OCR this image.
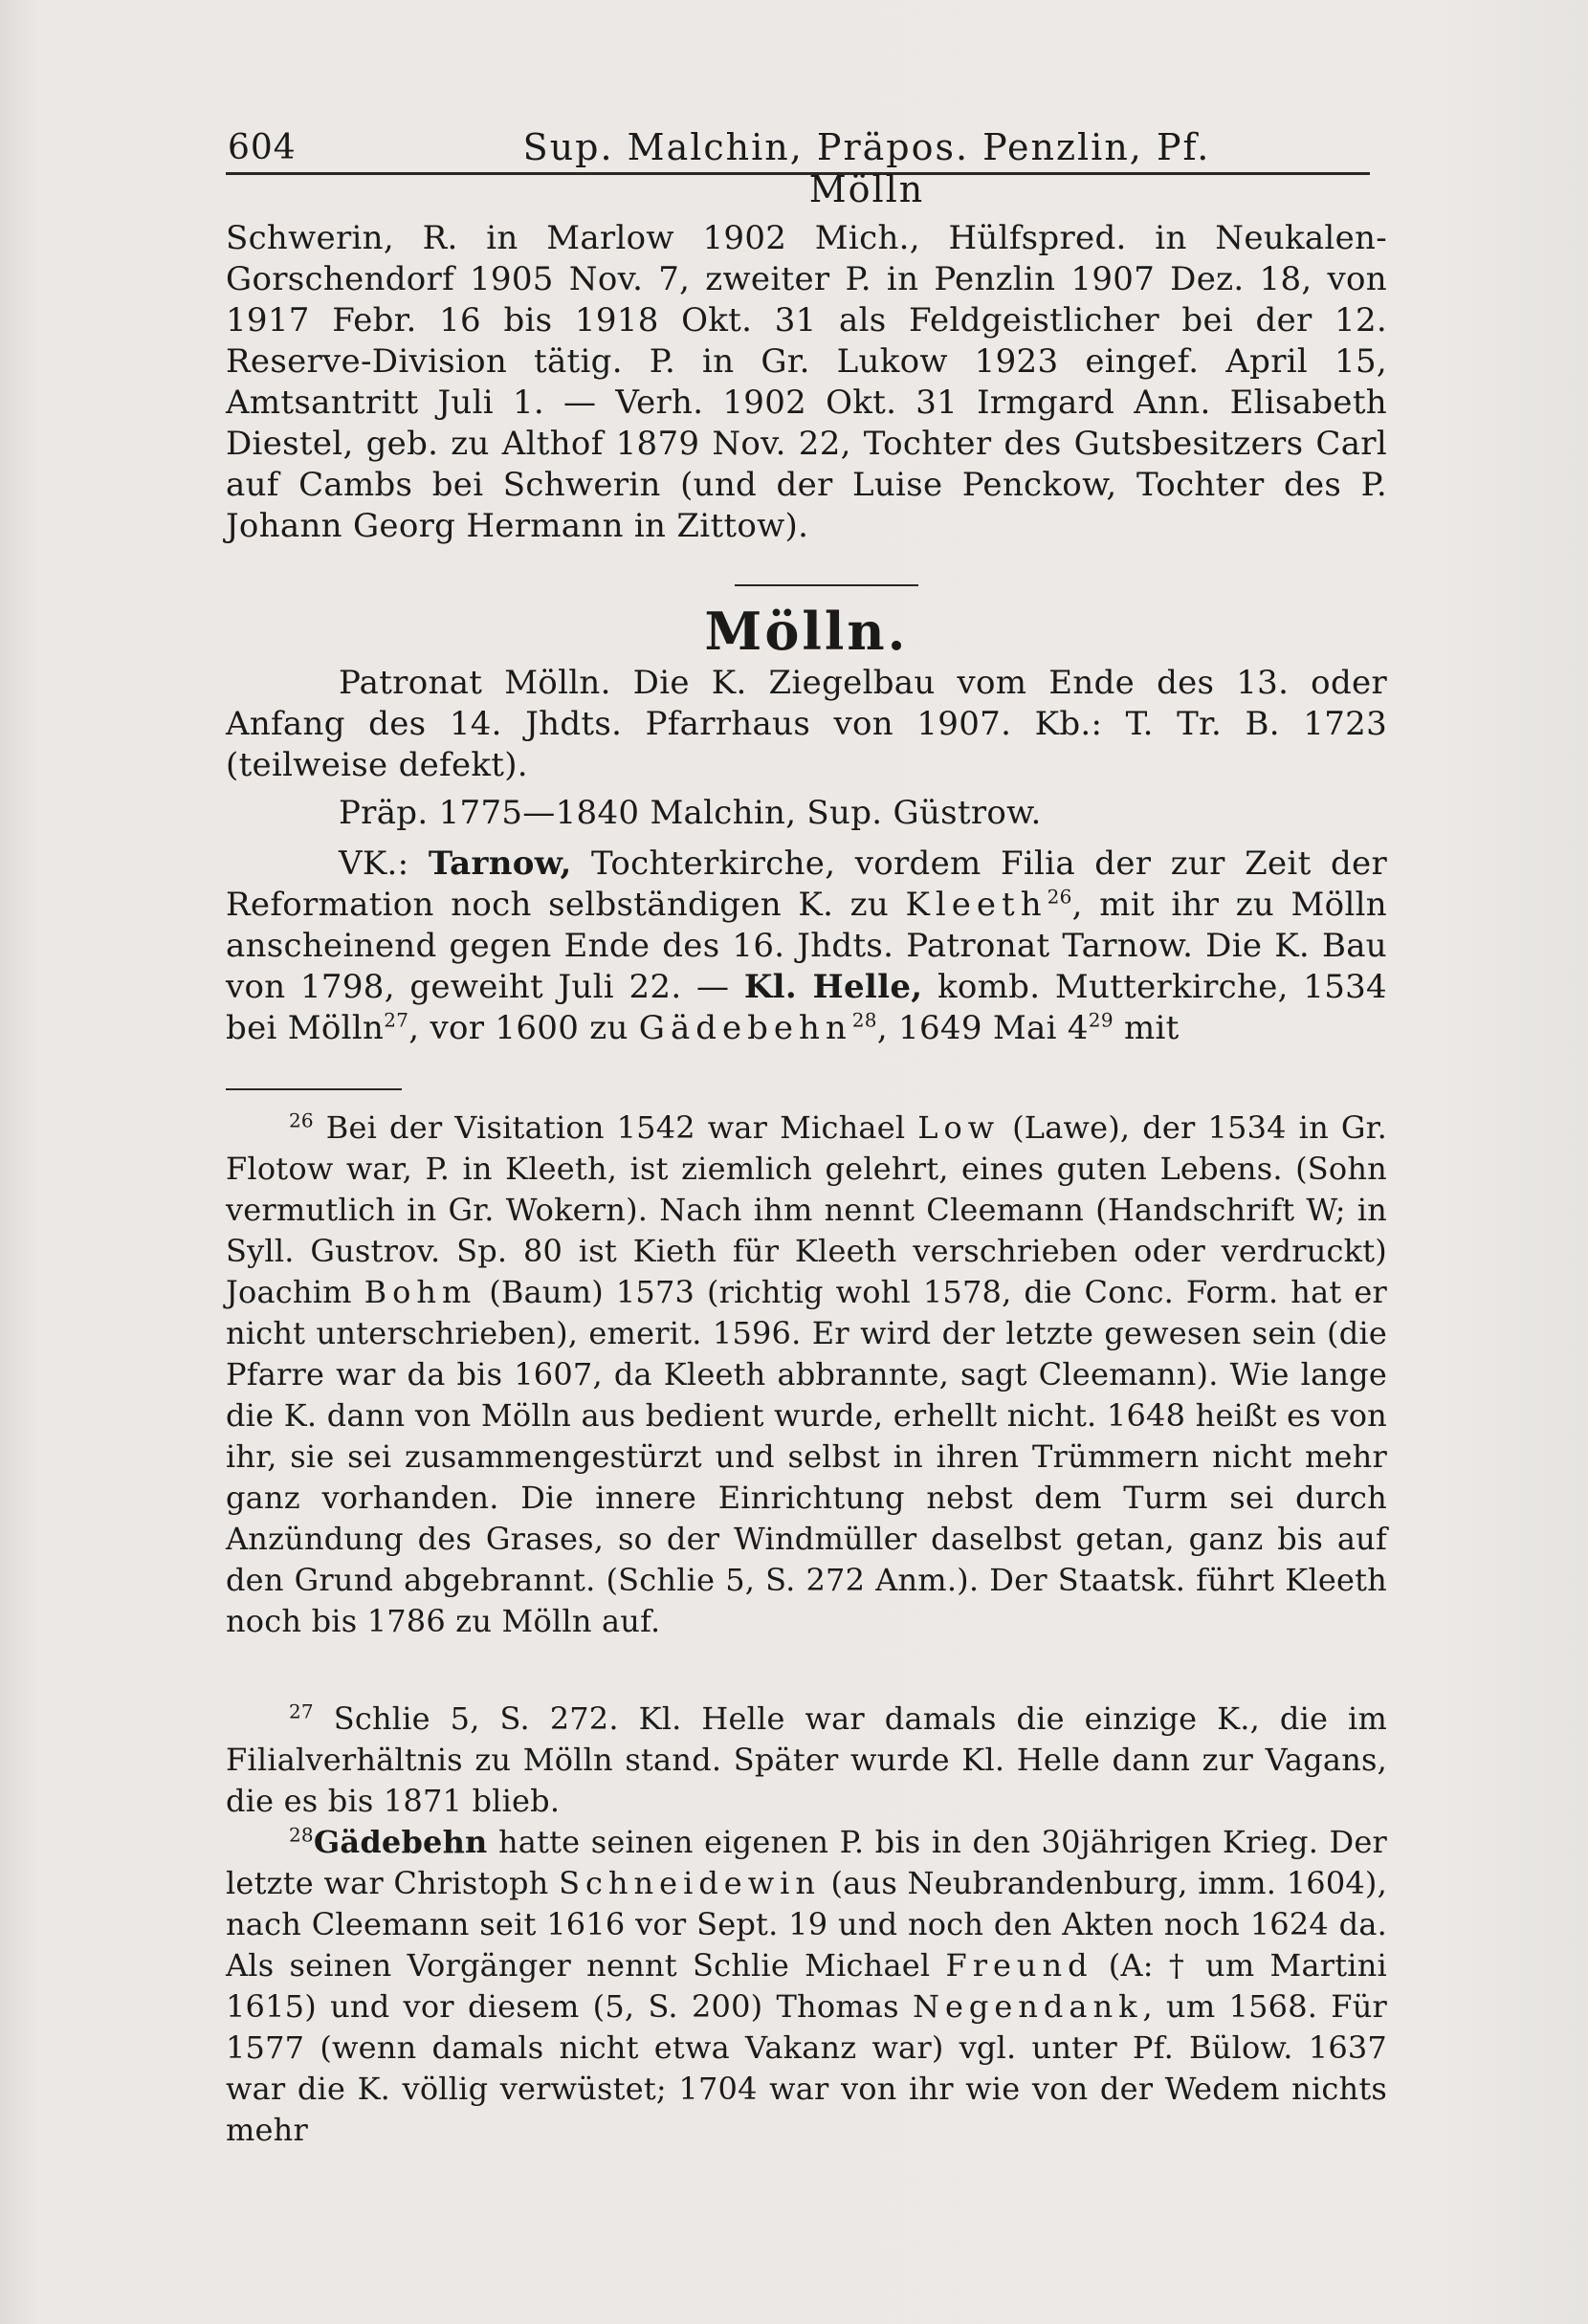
604	Sup. Malchin, Präpos. Penzlin, Pf. Mölln
Schwerin, R. in Marlow 1902 Mich., Hülfspred. in Neukalen-Gorschendorf 1905 Nov. 7, zweiter P. in Penzlin 1907 Dez. 18, von 1917 Febr. 16 bis 1918 Okt. 31 als Feldgeistlicher bei der 12. Reserve-Division tätig. P. in Gr. Lukow 1923 eingef. April 15, Amtsantritt Juli 1. — Verh. 1902 Okt. 31 Irmgard Ann. Elisabeth Diestel, geb. zu Althof 1879 Nov. 22, Tochter des Gutsbesitzers Carl auf Cambs bei Schwerin (und der Luise Penckow, Tochter des P. Johann Georg Hermann in Zittow).
Mölln.
Patronat Mölln. Die K. Ziegelbau vom Ende des 13. oder Anfang des 14. Jhdts. Pfarrhaus von 1907. Kb.: T. Tr. B. 1723 (teilweise defekt).
Präp. 1775—1840 Malchin, Sup. Güstrow.
VK.: Tarnow, Tochterkirche, vordem Filia der zur Zeit der Reformation noch selbständigen K. zu Kleeth$^{26}$, mit ihr zu Mölln anscheinend gegen Ende des 16. Jhdts. Patronat Tarnow. Die K. Bau von 1798, geweiht Juli 22. — Kl. Helle, komb. Mutterkirche, 1534 bei Mölln$^{27}$, vor 1600 zu Gädebehn$^{28}$, 1649 Mai $4^{29}$ mit
$^{26}$ Bei der Visitation 1542 war Michael Low (Lawe), der 1534 in Gr. Flotow war, P. in Kleeth, ist ziemlich gelehrt, eines guten Lebens. (Sohn vermutlich in Gr. Wokern). Nach ihm nennt Cleemann (Handschrift W; in Syll. Gustrov. Sp. 80 ist Kieth für Kleeth verschrieben oder verdruckt) Joachim Bohm (Baum) 1573 (richtig wohl 1578, die Conc. Form. hat er nicht unterschrieben), emerit. 1596. Er wird der letzte gewesen sein (die Pfarre war da bis 1607, da Kleeth abbrannte, sagt Cleemann). Wie lange die K. dann von Mölln aus bedient wurde, erhellt nicht. 1648 heißt es von ihr, sie sei zusammengestürzt und selbst in ihren Trümmern nicht mehr ganz vorhanden. Die innere Einrichtung nebst dem Turm sei durch Anzündung des Grases, so der Windmüller daselbst getan, ganz bis auf den Grund abgebrannt. (Schlie 5, S. 272 Anm.). Der Staatsk. führt Kleeth noch bis 1786 zu Mölln auf.
$^{27}$ Schlie 5, S. 272. Kl. Helle war damals die einzige K., die im Filialverhältnis zu Mölln stand. Später wurde Kl. Helle dann zur Vagans, die es bis 1871 blieb.
$^{28}$Gädebehn hatte seinen eigenen P. bis in den 30jährigen Krieg. Der letzte war Christoph Schneidewin (aus Neubrandenburg, imm. 1604), nach Cleemann seit 1616 vor Sept. 19 und noch den Akten noch 1624 da. Als seinen Vorgänger nennt Schlie Michael Freund (A: † um Martini 1615) und vor diesem (5, S. 200) Thomas Negendank, um 1568. Für 1577 (wenn damals nicht etwa Vakanz war) vgl. unter Pf. Bülow. 1637 war die K. völlig verwüstet; 1704 war von ihr wie von der Wedem nichts mehr
